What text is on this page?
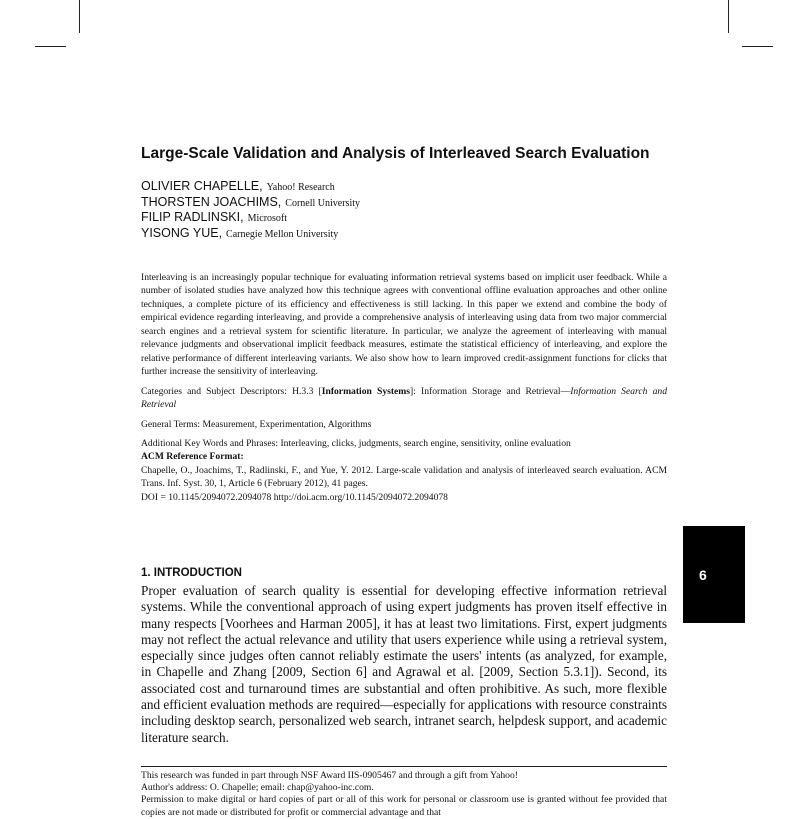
Large-Scale Validation and Analysis of Interleaved Search Evaluation
OLIVIER CHAPELLE, Yahoo! Research
THORSTEN JOACHIMS, Cornell University
FILIP RADLINSKI, Microsoft
YISONG YUE, Carnegie Mellon University

Interleaving is an increasingly popular technique for evaluating information retrieval systems based on implicit user feedback. While a number of isolated studies have analyzed how this technique agrees with conventional offline evaluation approaches and other online techniques, a complete picture of its efficiency and effectiveness is still lacking. In this paper we extend and combine the body of empirical evidence regarding interleaving, and provide a comprehensive analysis of interleaving using data from two major commercial search engines and a retrieval system for scientific literature. In particular, we analyze the agreement of interleaving with manual relevance judgments and observational implicit feedback measures, estimate the statistical efficiency of interleaving, and explore the relative performance of different interleaving variants. We also show how to learn improved credit-assignment functions for clicks that further increase the sensitivity of interleaving.

Categories and Subject Descriptors: H.3.3 [Information Systems]: Information Storage and Retrieval—Information Search and Retrieval

General Terms: Measurement, Experimentation, Algorithms

Additional Key Words and Phrases: Interleaving, clicks, judgments, search engine, sensitivity, online evaluation

ACM Reference Format:

Chapelle, O., Joachims, T., Radlinski, F., and Yue, Y. 2012. Large-scale validation and analysis of interleaved search evaluation. ACM Trans. Inf. Syst. 30, 1, Article 6 (February 2012), 41 pages.

DOI = 10.1145/2094072.2094078 http://doi.acm.org/10.1145/2094072.2094078

6
1. INTRODUCTION

Proper evaluation of search quality is essential for developing effective information retrieval systems. While the conventional approach of using expert judgments has proven itself effective in many respects [Voorhees and Harman 2005], it has at least two limitations. First, expert judgments may not reflect the actual relevance and utility that users experience while using a retrieval system, especially since judges often cannot reliably estimate the users' intents (as analyzed, for example, in Chapelle and Zhang [2009, Section 6] and Agrawal et al. [2009, Section 5.3.1]). Second, its associated cost and turnaround times are substantial and often prohibitive. As such, more flexible and efficient evaluation methods are required—especially for applications with resource constraints including desktop search, personalized web search, intranet search, helpdesk support, and academic literature search.

This research was funded in part through NSF Award IIS-0905467 and through a gift from Yahoo!

Author's address: O. Chapelle; email: chap@yahoo-inc.com.

Permission to make digital or hard copies of part or all of this work for personal or classroom use is granted without fee provided that copies are not made or distributed for profit or commercial advantage and that
